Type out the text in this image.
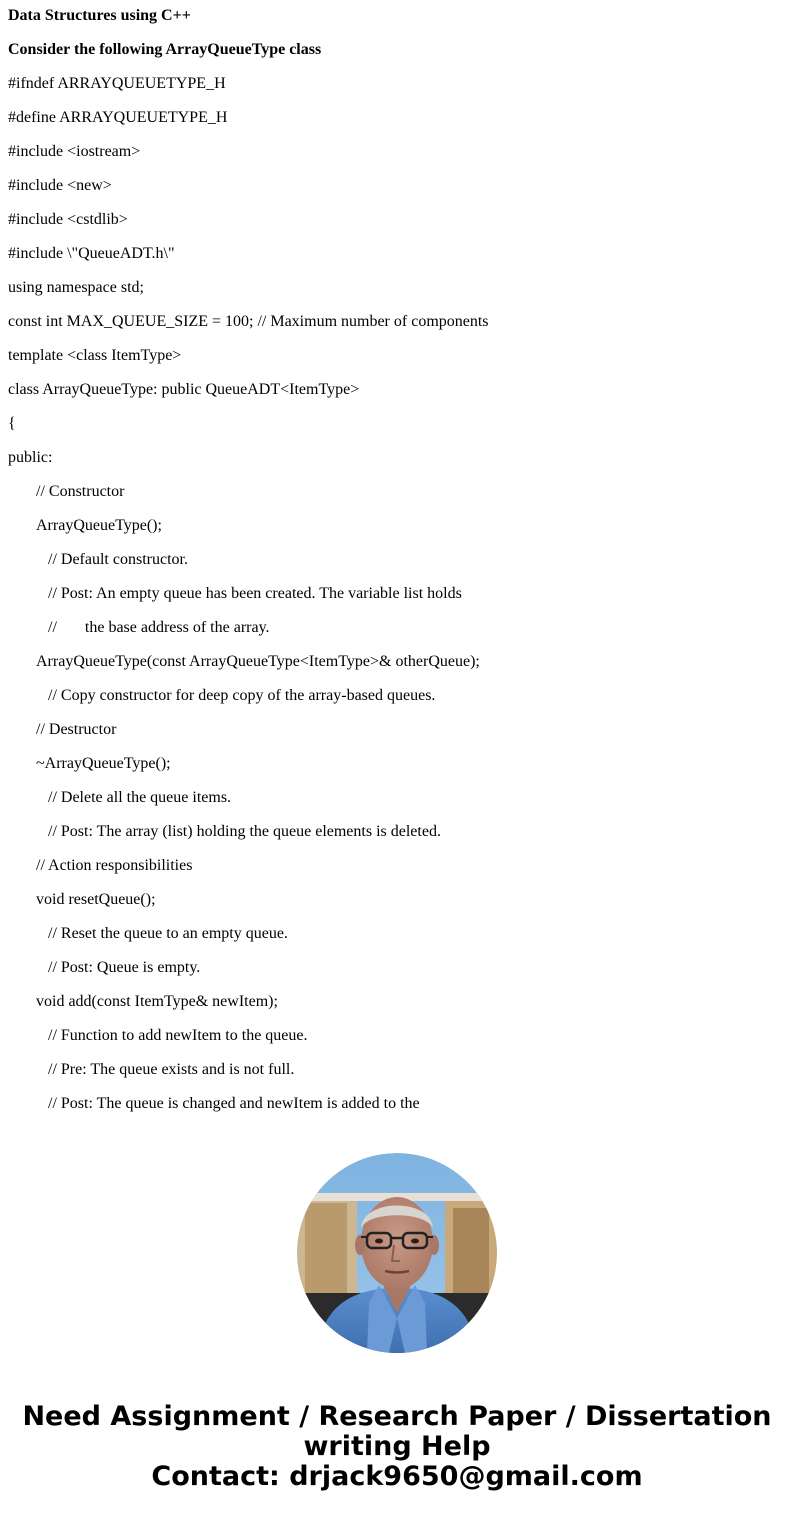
Data Structures using C++
Consider the following ArrayQueueType class
#ifndef ARRAYQUEUETYPE_H
#define ARRAYQUEUETYPE_H
#include <iostream>
#include <new>
#include <cstdlib>
#include \"QueueADT.h\"
using namespace std;
const int MAX_QUEUE_SIZE = 100; // Maximum number of components
template <class ItemType>
class ArrayQueueType: public QueueADT<ItemType>
{
public:
// Constructor
ArrayQueueType();
// Default constructor.
// Post: An empty queue has been created. The variable list holds
//       the base address of the array.
ArrayQueueType(const ArrayQueueType<ItemType>& otherQueue);
// Copy constructor for deep copy of the array-based queues.
// Destructor
~ArrayQueueType();
// Delete all the queue items.
// Post: The array (list) holding the queue elements is deleted.
// Action responsibilities
void resetQueue();
// Reset the queue to an empty queue.
// Post: Queue is empty.
void add(const ItemType& newItem);
// Function to add newItem to the queue.
// Pre: The queue exists and is not full.
// Post: The queue is changed and newItem is added to the
Need Assignment / Research Paper / Dissertation
writing Help
Contact: drjack9650@gmail.com
